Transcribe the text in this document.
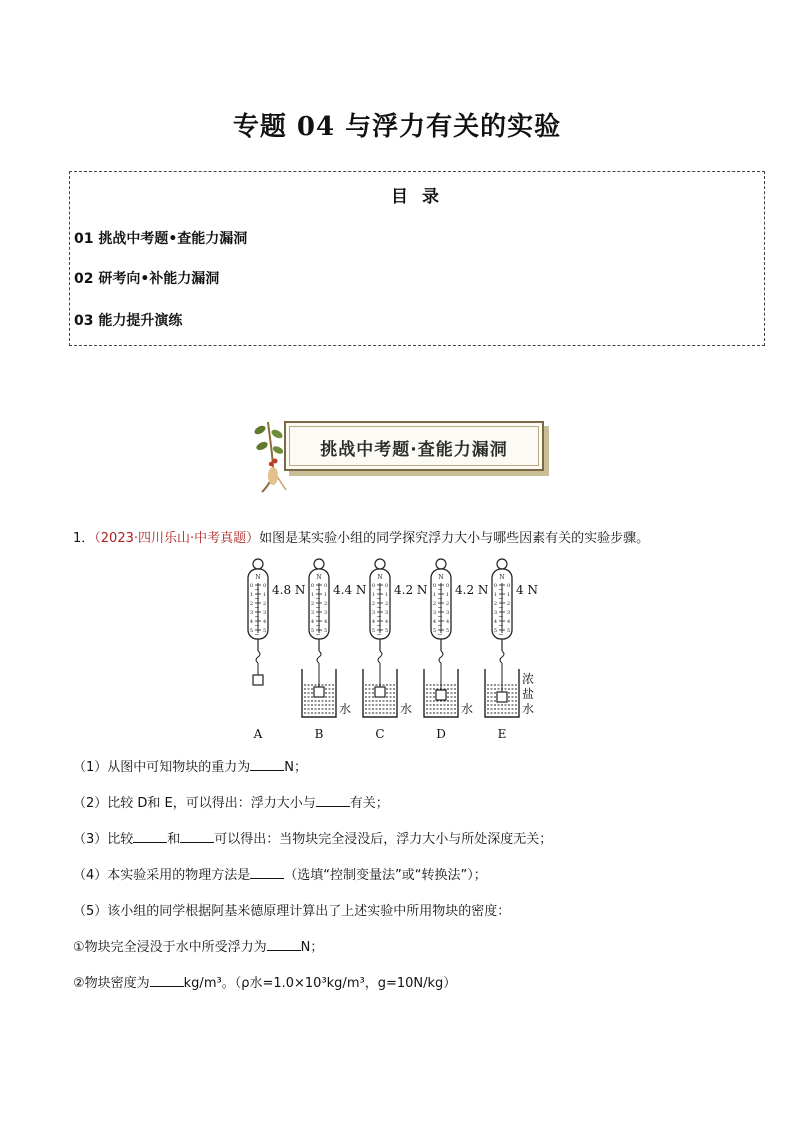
专题 04 与浮力有关的实验
目 录
01 挑战中考题•查能力漏洞
02 研考向•补能力漏洞
03 能力提升演练
挑战中考题·查能力漏洞
1．（2023·四川乐山·中考真题）如图是某实验小组的同学探究浮力大小与哪些因素有关的实验步骤。
N
0 0
1 1
2 2
3 3
4 4
5 5
4.8 N
A
N
0 0
1 1
2 2
3 3
4 4
5 5
4.4 N
水
B
N
0 0
1 1
2 2
3 3
4 4
5 5
4.2 N
水
C
N
0 0
1 1
2 2
3 3
4 4
5 5
4.2 N
水
D
N
0 0
1 1
2 2
3 3
4 4
5 5
4 N
浓盐水
E
（1）从图中可知物块的重力为	N；
（2）比较 D和 E，可以得出：浮力大小与	有关；
（3）比较	和	可以得出：当物块完全浸没后，浮力大小与所处深度无关；
（4）本实验采用的物理方法是	（选填“控制变量法”或“转换法”）；
（5）该小组的同学根据阿基米德原理计算出了上述实验中所用物块的密度：
①物块完全浸没于水中所受浮力为	N；
②物块密度为	kg/m³。（ρ水=1.0×10³kg/m³，g=10N/kg）
